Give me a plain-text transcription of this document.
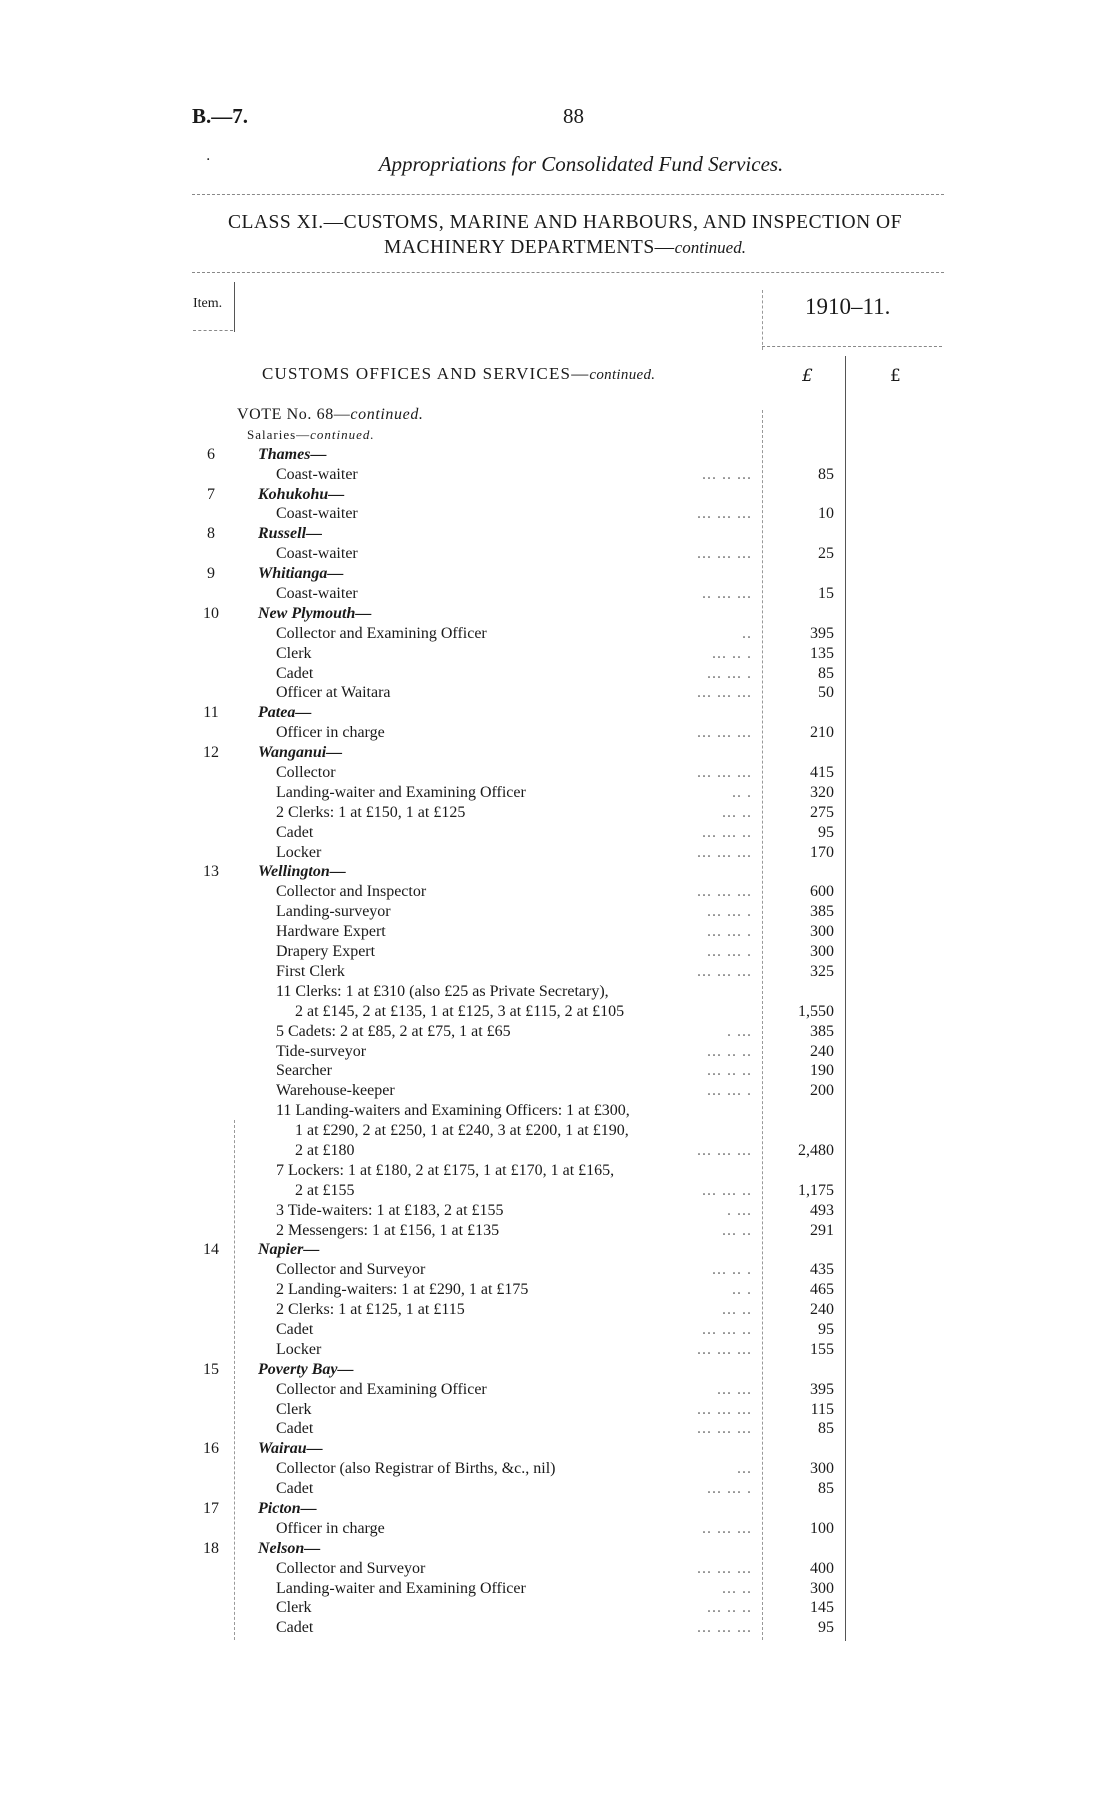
B.—7.	88
·	Appropriations for Consolidated Fund Services.
CLASS XI.—CUSTOMS, MARINE AND HARBOURS, AND INSPECTION OF
MACHINERY DEPARTMENTS—continued.
Item.	1910–11.
CUSTOMS OFFICES AND SERVICES—continued.	£	£
VOTE No. 68—continued.
Salaries—continued.
6	Thames—
Coast-waiter	... .. ...	85
7	Kohukohu—
Coast-waiter	... ... ...	10
8	Russell—
Coast-waiter	... ... ...	25
9	Whitianga—
Coast-waiter	.. ... ...	15
10	New Plymouth—
Collector and Examining Officer	..	395
Clerk	... .. .	135
Cadet	... ... .	85
Officer at Waitara	... ... ...	50
11	Patea—
Officer in charge	... ... ...	210
12	Wanganui—
Collector	... ... ...	415
Landing-waiter and Examining Officer	.. .	320
2 Clerks: 1 at £150, 1 at £125	... ..	275
Cadet	... ... ..	95
Locker	... ... ...	170
13	Wellington—
Collector and Inspector	... ... ...	600
Landing-surveyor	... ... .	385
Hardware Expert	... ... .	300
Drapery Expert	... ... .	300
First Clerk	... ... ...	325
11 Clerks: 1 at £310 (also £25 as Private Secretary),
2 at £145, 2 at £135, 1 at £125, 3 at £115, 2 at £105	1,550
5 Cadets: 2 at £85, 2 at £75, 1 at £65	. ...	385
Tide-surveyor	... .. ..	240
Searcher	... .. ..	190
Warehouse-keeper	... ... .	200
11 Landing-waiters and Examining Officers: 1 at £300,
1 at £290, 2 at £250, 1 at £240, 3 at £200, 1 at £190,
2 at £180	... ... ...	2,480
7 Lockers: 1 at £180, 2 at £175, 1 at £170, 1 at £165,
2 at £155	... ... ..	1,175
3 Tide-waiters: 1 at £183, 2 at £155	. ...	493
2 Messengers: 1 at £156, 1 at £135	... ..	291
14	Napier—
Collector and Surveyor	... .. .	435
2 Landing-waiters: 1 at £290, 1 at £175	.. .	465
2 Clerks: 1 at £125, 1 at £115	... ..	240
Cadet	... ... ..	95
Locker	... ... ...	155
15	Poverty Bay—
Collector and Examining Officer	... ...	395
Clerk	... ... ...	115
Cadet	... ... ...	85
16	Wairau—
Collector (also Registrar of Births, &c., nil)	...	300
Cadet	... ... .	85
17	Picton—
Officer in charge	.. ... ...	100
18	Nelson—
Collector and Surveyor	... ... ...	400
Landing-waiter and Examining Officer	... ..	300
Clerk	... .. ..	145
Cadet	... ... ...	95
